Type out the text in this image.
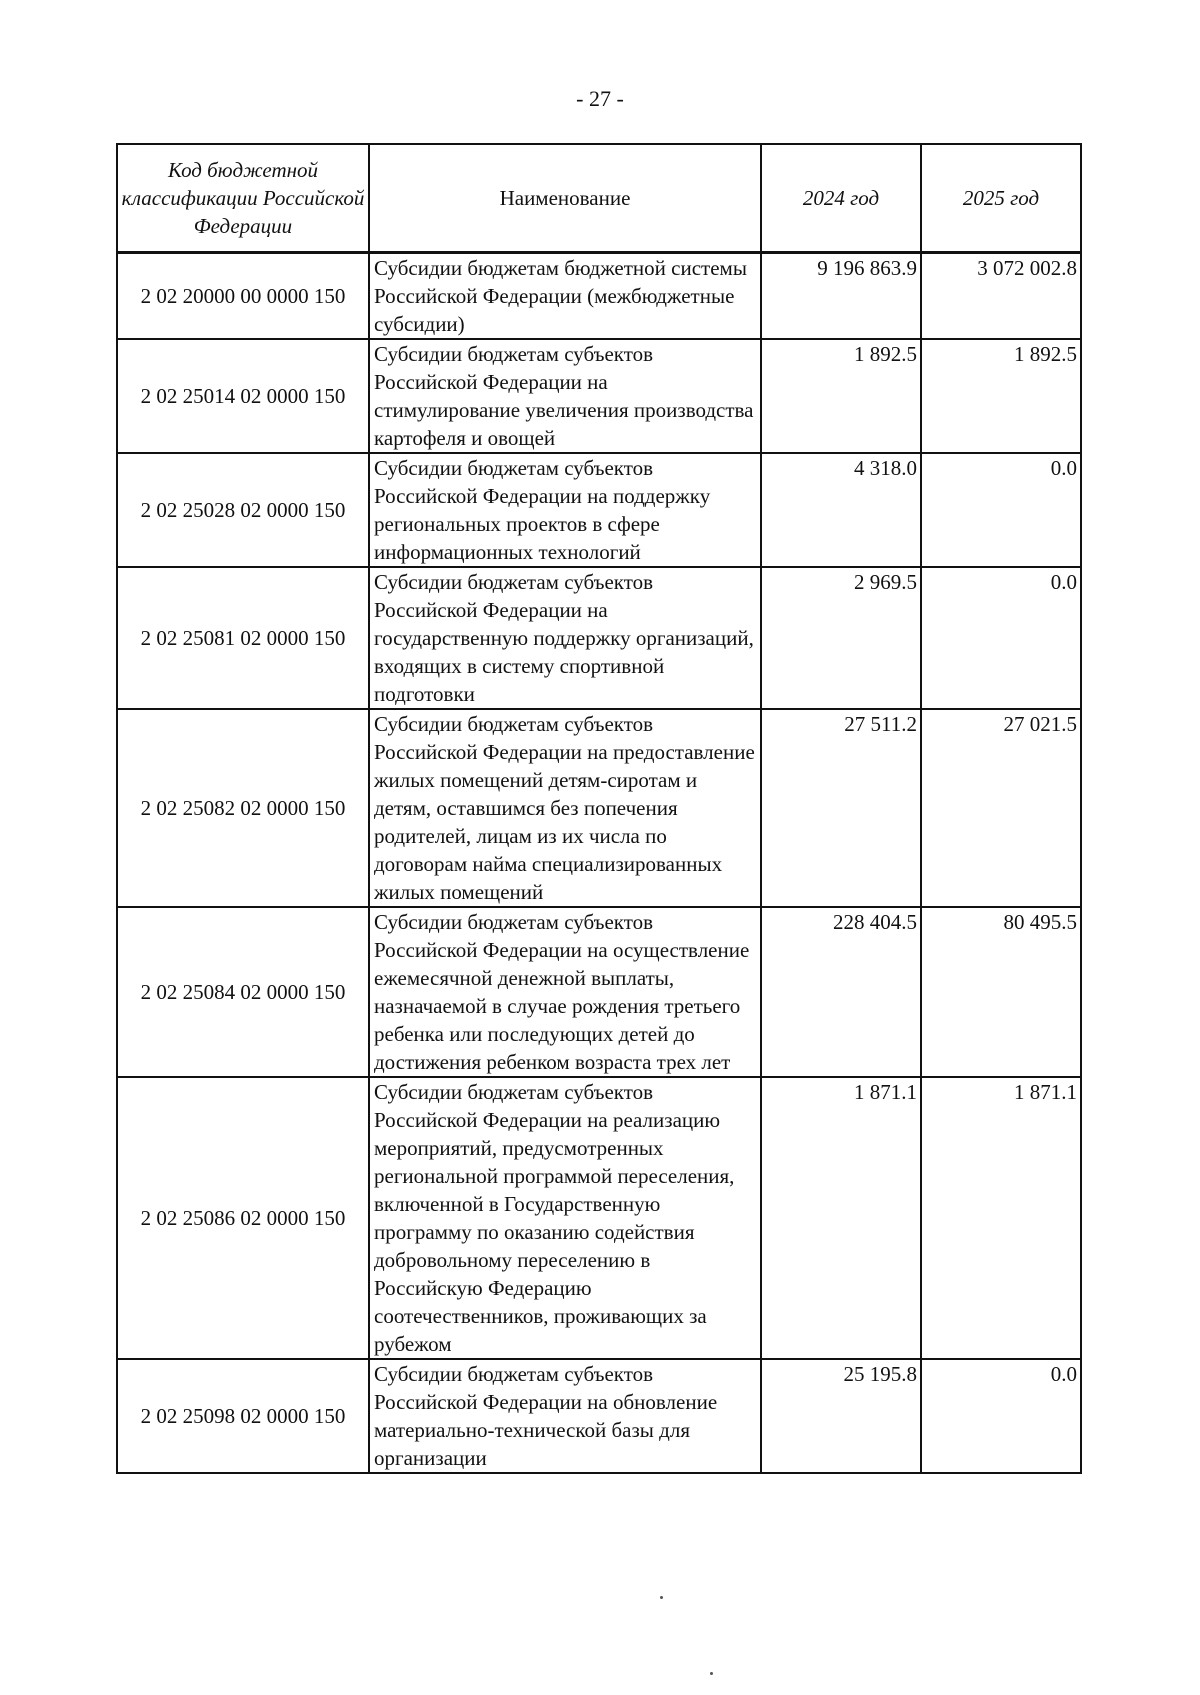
- 27 -
Код бюджетной классификации Российской Федерации	Наименование	2024 год	2025 год
2 02 20000 00 0000 150	Субсидии бюджетам бюджетной системы Российской Федерации (межбюджетные субсидии)	9 196 863.9	3 072 002.8
2 02 25014 02 0000 150	Субсидии бюджетам субъектов Российской Федерации на стимулирование увеличения производства картофеля и овощей	1 892.5	1 892.5
2 02 25028 02 0000 150	Субсидии бюджетам субъектов Российской Федерации на поддержку региональных проектов в сфере информационных технологий	4 318.0	0.0
2 02 25081 02 0000 150	Субсидии бюджетам субъектов Российской Федерации на государственную поддержку организаций, входящих в систему спортивной подготовки	2 969.5	0.0
2 02 25082 02 0000 150	Субсидии бюджетам субъектов Российской Федерации на предоставление жилых помещений детям-сиротам и детям, оставшимся без попечения родителей, лицам из их числа по договорам найма специализированных жилых помещений	27 511.2	27 021.5
2 02 25084 02 0000 150	Субсидии бюджетам субъектов Российской Федерации на осуществление ежемесячной денежной выплаты, назначаемой в случае рождения третьего ребенка или последующих детей до достижения ребенком возраста трех лет	228 404.5	80 495.5
2 02 25086 02 0000 150	Субсидии бюджетам субъектов Российской Федерации на реализацию мероприятий, предусмотренных региональной программой переселения, включенной в Государственную программу по оказанию содействия добровольному переселению в Российскую Федерацию соотечественников, проживающих за рубежом	1 871.1	1 871.1
2 02 25098 02 0000 150	Субсидии бюджетам субъектов Российской Федерации на обновление материально-технической базы для организации	25 195.8	0.0
